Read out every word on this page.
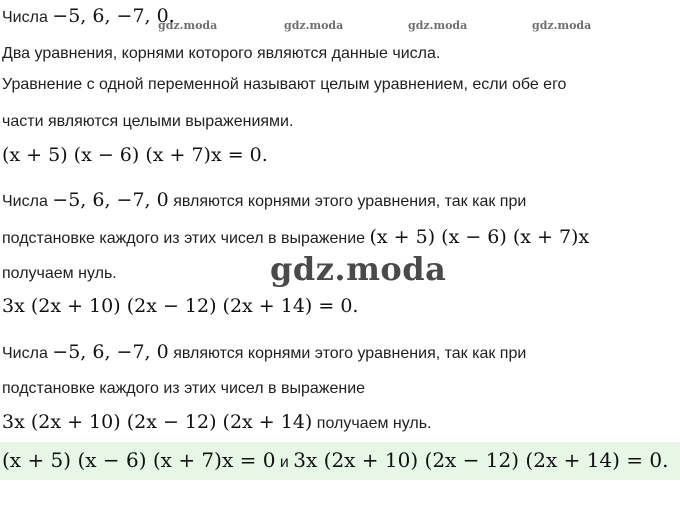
gdz.moda	gdz.moda	gdz.moda	gdz.moda
gdz.moda
Числа −5, 6, −7, 0.
Два уравнения, корнями которого являются данные числа.
Уравнение с одной переменной называют целым уравнением, если обе его
части являются целыми выражениями.
(x + 5) (x − 6) (x + 7)x = 0.
Числа −5, 6, −7, 0 являются корнями этого уравнения, так как при
подстановке каждого из этих чисел в выражение (x + 5) (x − 6) (x + 7)x
получаем нуль.
3x (2x + 10) (2x − 12) (2x + 14) = 0.
Числа −5, 6, −7, 0 являются корнями этого уравнения, так как при
подстановке каждого из этих чисел в выражение
3x (2x + 10) (2x − 12) (2x + 14) получаем нуль.
(x + 5) (x − 6) (x + 7)x = 0 и 3x (2x + 10) (2x − 12) (2x + 14) = 0.
